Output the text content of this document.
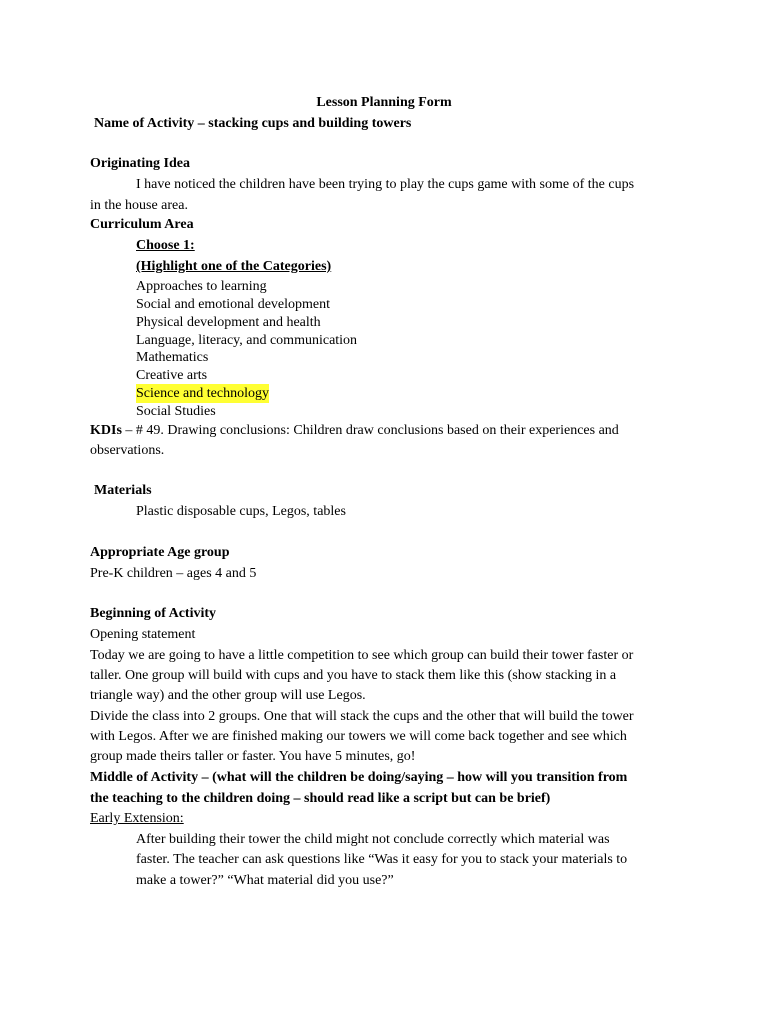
Lesson Planning Form
Name of Activity – stacking cups and building towers
Originating Idea
I have noticed the children have been trying to play the cups game with some of the cups
in the house area.
Curriculum Area
Choose 1:
(Highlight one of the Categories)
Approaches to learning
Social and emotional development
Physical development and health
Language, literacy, and communication
Mathematics
Creative arts
Science and technology
Social Studies
KDIs – # 49. Drawing conclusions: Children draw conclusions based on their experiences and
observations.
Materials
Plastic disposable cups, Legos, tables
Appropriate Age group
Pre-K children – ages 4 and 5
Beginning of Activity
Opening statement
Today we are going to have a little competition to see which group can build their tower faster or
taller. One group will build with cups and you have to stack them like this (show stacking in a
triangle way) and the other group will use Legos.
Divide the class into 2 groups. One that will stack the cups and the other that will build the tower
with Legos. After we are finished making our towers we will come back together and see which
group made theirs taller or faster. You have 5 minutes, go!
Middle of Activity – (what will the children be doing/saying – how will you transition from
the teaching to the children doing – should read like a script but can be brief)
Early Extension:
After building their tower the child might not conclude correctly which material was
faster. The teacher can ask questions like “Was it easy for you to stack your materials to
make a tower?” “What material did you use?”
